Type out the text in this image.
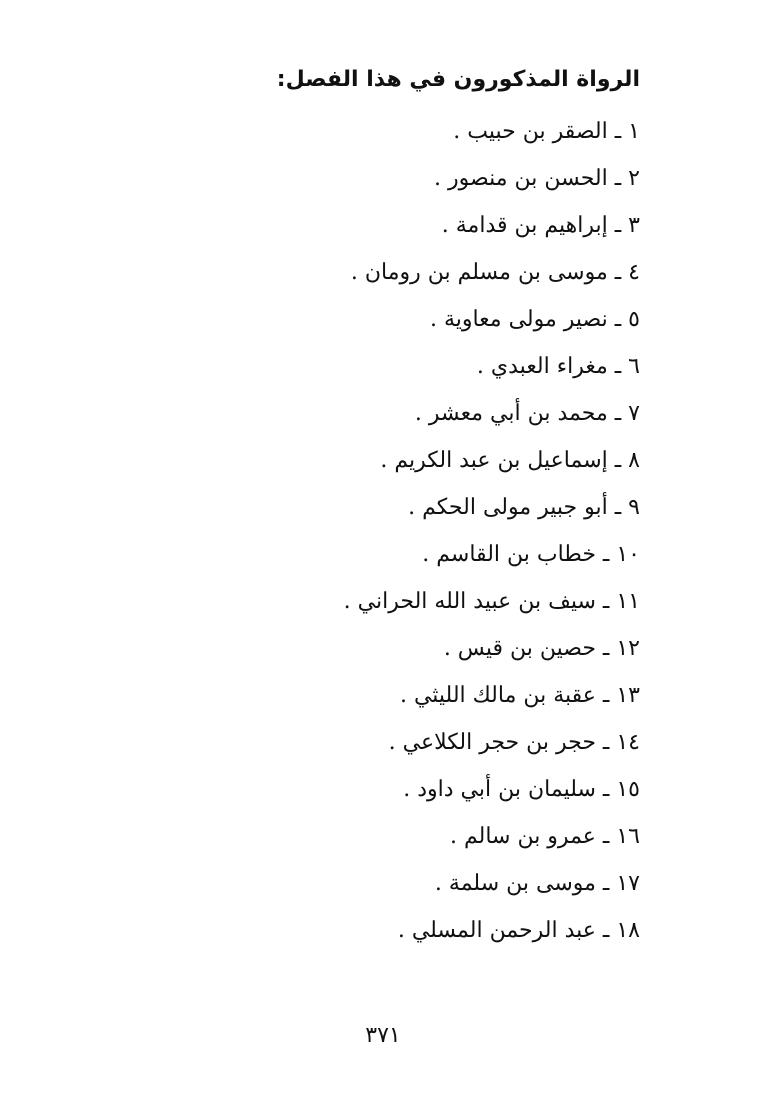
الرواة المذكورون في هذا الفصل:
١ ـ الصقر بن حبيب .
٢ ـ الحسن بن منصور .
٣ ـ إبراهيم بن قدامة .
٤ ـ موسى بن مسلم بن رومان .
٥ ـ نصير مولى معاوية .
٦ ـ مغراء العبدي .
٧ ـ محمد بن أبي معشر .
٨ ـ إسماعيل بن عبد الكريم .
٩ ـ أبو جبير مولى الحكم .
١٠ ـ خطاب بن القاسم .
١١ ـ سيف بن عبيد الله الحراني .
١٢ ـ حصين بن قيس .
١٣ ـ عقبة بن مالك الليثي .
١٤ ـ حجر بن حجر الكلاعي .
١٥ ـ سليمان بن أبي داود .
١٦ ـ عمرو بن سالم .
١٧ ـ موسى بن سلمة .
١٨ ـ عبد الرحمن المسلي .
٣٧١
